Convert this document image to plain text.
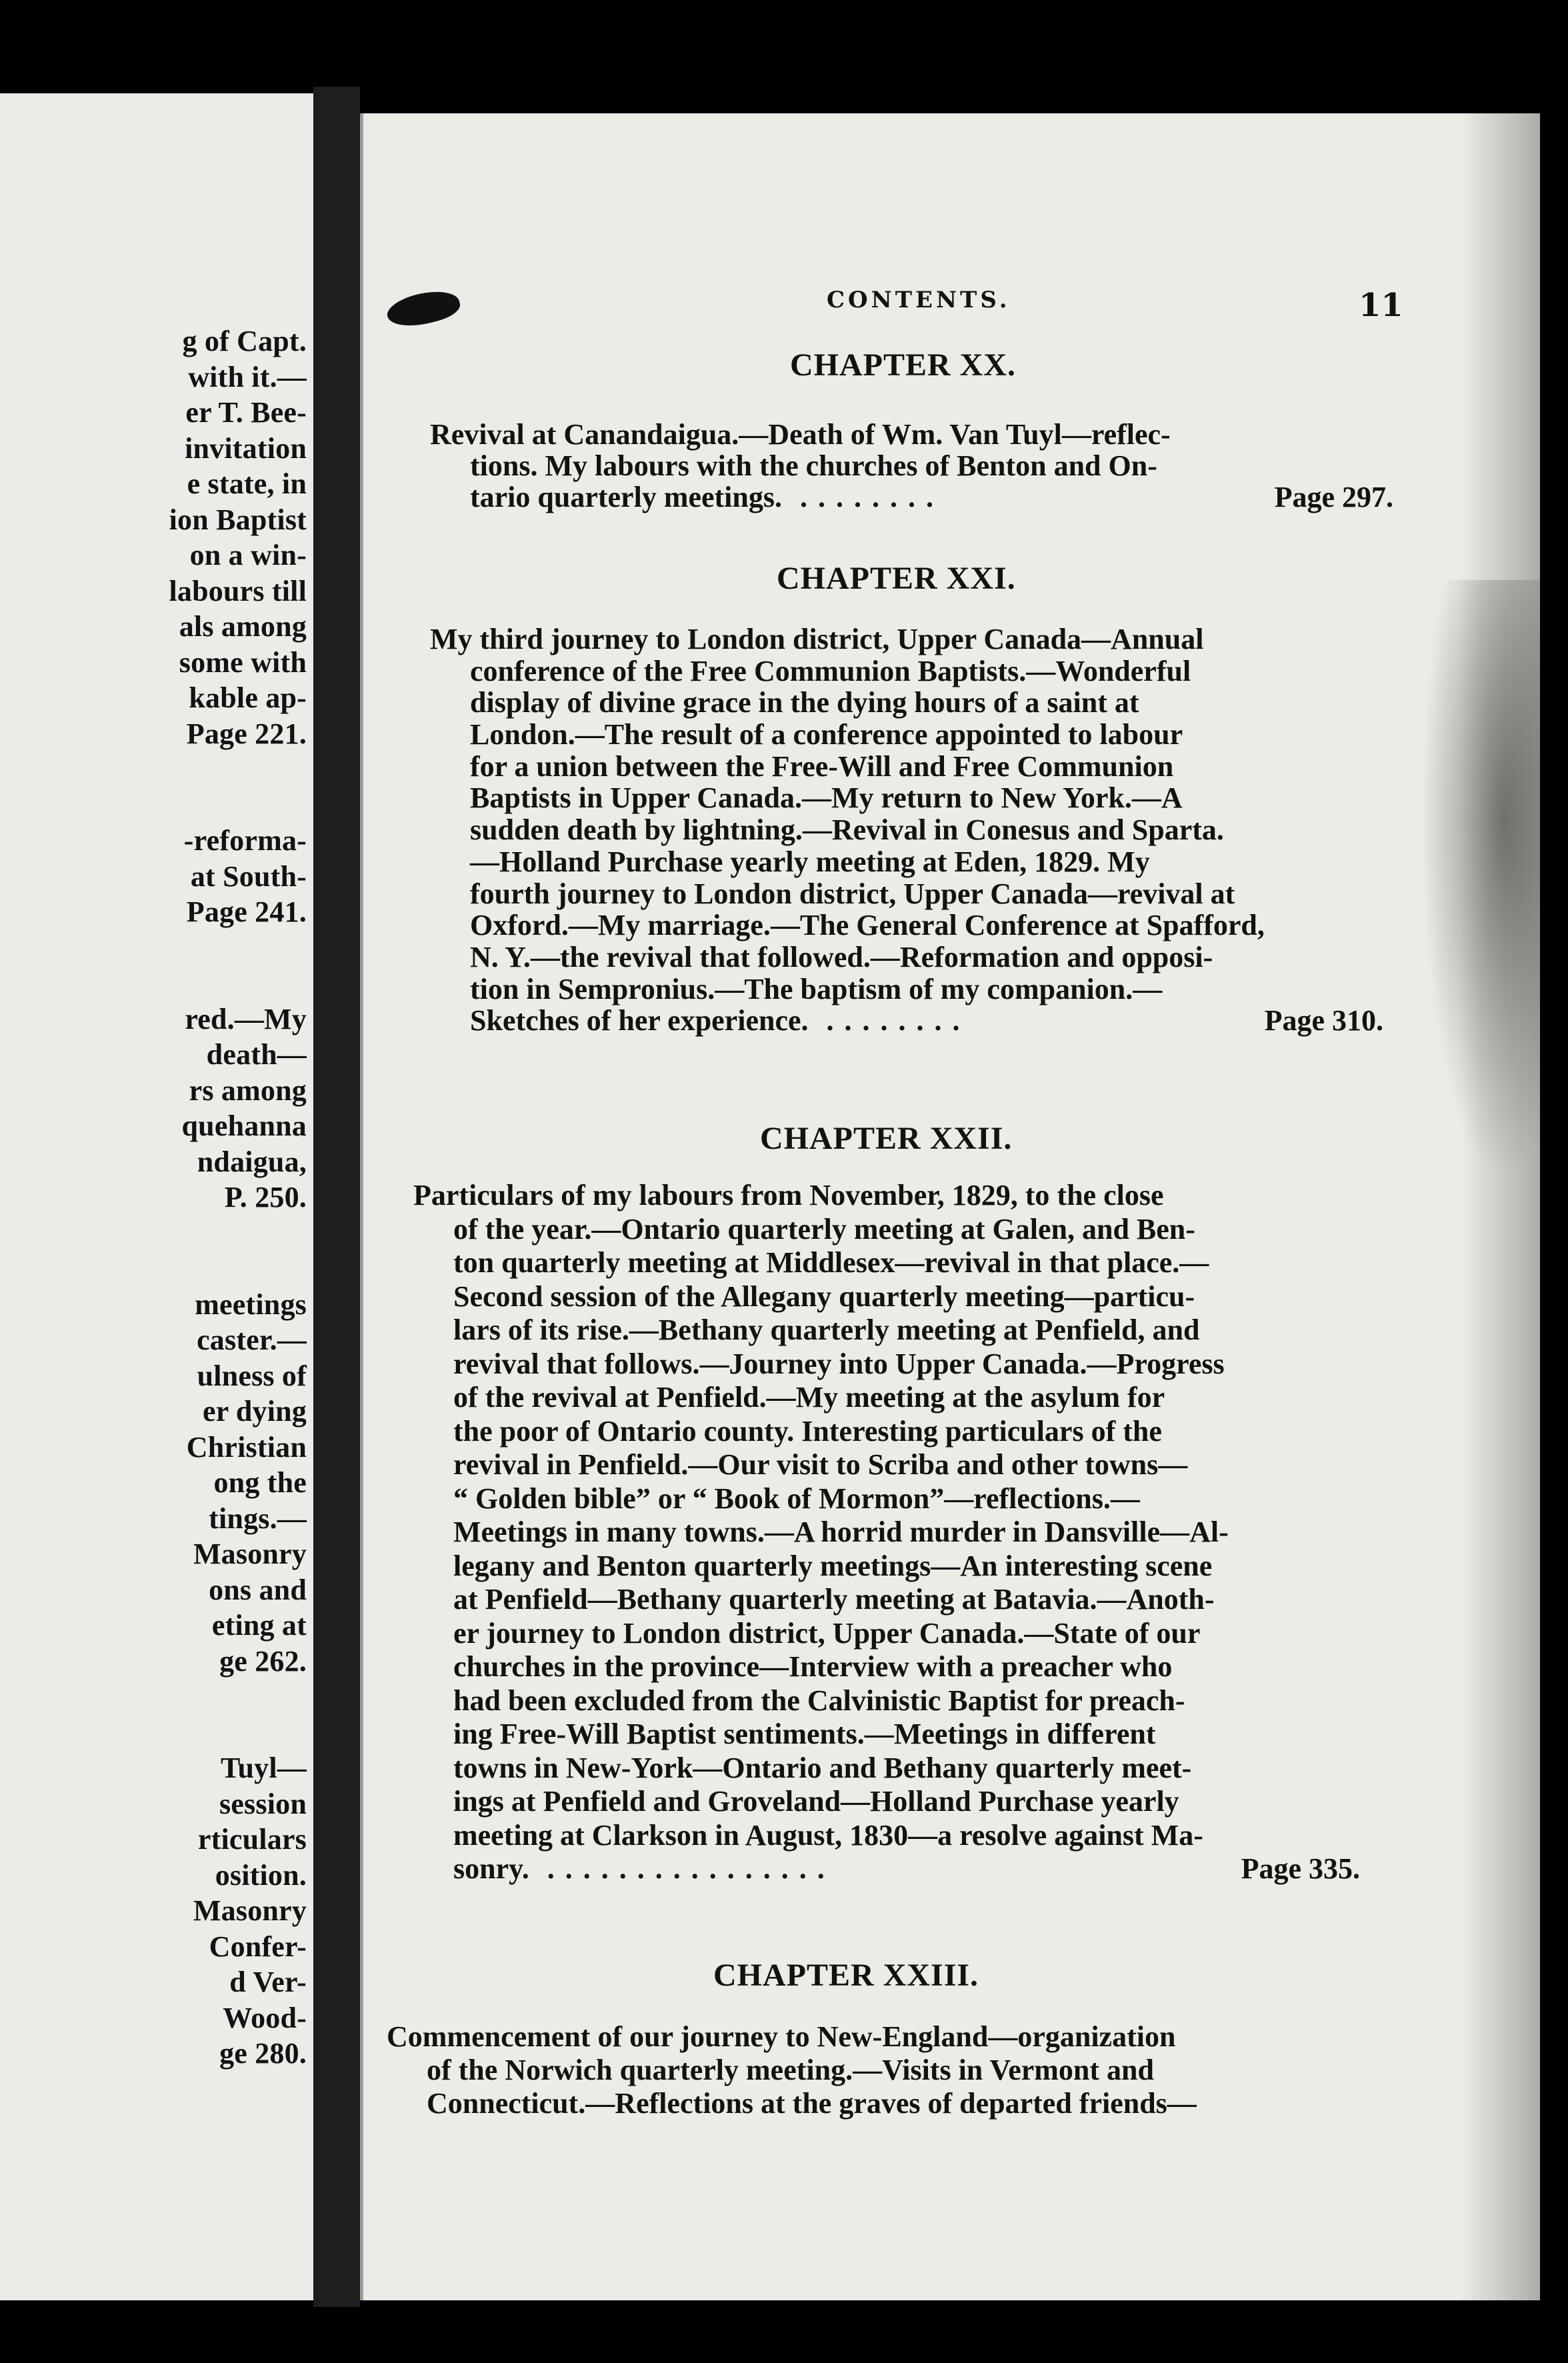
g of Capt.
with it.—
er T. Bee-
invitation
e state, in
ion Baptist
on a win-
labours till
als among
some with
kable ap-
Page 221.

-reforma-
at South-
Page 241.

red.—My
death—
rs among
quehanna
ndaigua,
P. 250.

meetings
caster.—
ulness of
er dying
Christian
ong the
tings.—
Masonry
ons and
eting at
ge 262.

Tuyl—
session
rticulars
osition.
Masonry
Confer-
d Ver-
Wood-
ge 280.
CONTENTS.	11
CHAPTER XX.
Revival at Canandaigua.—Death of Wm. Van Tuyl—reflec-
tions. My labours with the churches of Benton and On-
tario quarterly meetings. ........	Page 297.
CHAPTER XXI.
My third journey to London district, Upper Canada—Annual
conference of the Free Communion Baptists.—Wonderful
display of divine grace in the dying hours of a saint at
London.—The result of a conference appointed to labour
for a union between the Free-Will and Free Communion
Baptists in Upper Canada.—My return to New York.—A
sudden death by lightning.—Revival in Conesus and Sparta.
—Holland Purchase yearly meeting at Eden, 1829. My
fourth journey to London district, Upper Canada—revival at
Oxford.—My marriage.—The General Conference at Spafford,
N. Y.—the revival that followed.—Reformation and opposi-
tion in Sempronius.—The baptism of my companion.—
Sketches of her experience. ........	Page 310.
CHAPTER XXII.
Particulars of my labours from November, 1829, to the close
of the year.—Ontario quarterly meeting at Galen, and Ben-
ton quarterly meeting at Middlesex—revival in that place.—
Second session of the Allegany quarterly meeting—particu-
lars of its rise.—Bethany quarterly meeting at Penfield, and
revival that follows.—Journey into Upper Canada.—Progress
of the revival at Penfield.—My meeting at the asylum for
the poor of Ontario county. Interesting particulars of the
revival in Penfield.—Our visit to Scriba and other towns—
“ Golden bible” or “ Book of Mormon”—reflections.—
Meetings in many towns.—A horrid murder in Dansville—Al-
legany and Benton quarterly meetings—An interesting scene
at Penfield—Bethany quarterly meeting at Batavia.—Anoth-
er journey to London district, Upper Canada.—State of our
churches in the province—Interview with a preacher who
had been excluded from the Calvinistic Baptist for preach-
ing Free-Will Baptist sentiments.—Meetings in different
towns in New-York—Ontario and Bethany quarterly meet-
ings at Penfield and Groveland—Holland Purchase yearly
meeting at Clarkson in August, 1830—a resolve against Ma-
sonry. ................	Page 335.
CHAPTER XXIII.
Commencement of our journey to New-England—organization
of the Norwich quarterly meeting.—Visits in Vermont and
Connecticut.—Reflections at the graves of departed friends—
